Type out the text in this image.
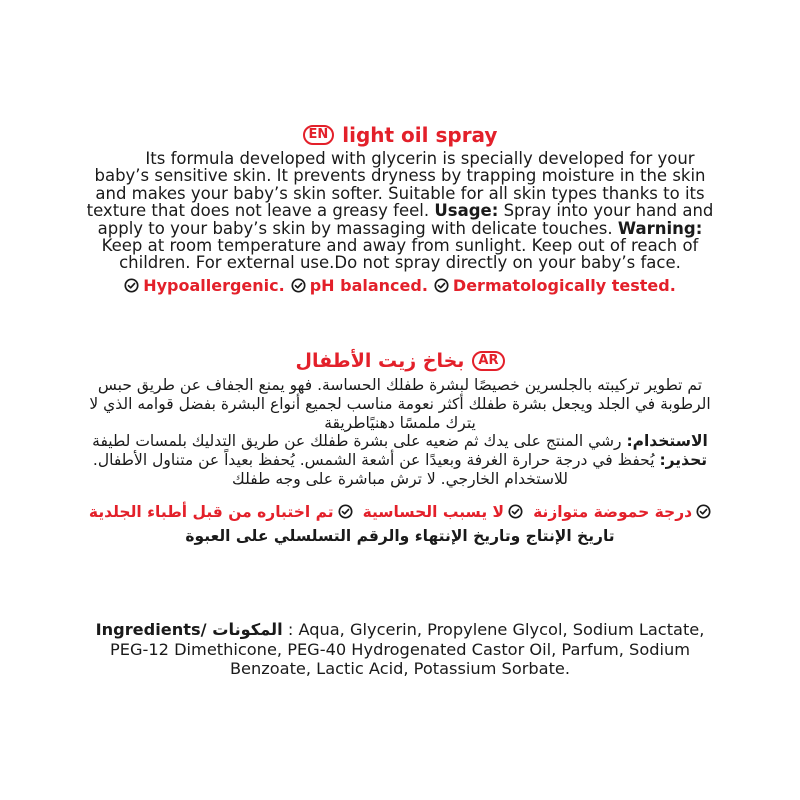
EN light oil spray
Its formula developed with glycerin is specially developed for your baby’s sensitive skin. It prevents dryness by trapping moisture in the skin and makes your baby’s skin softer. Suitable for all skin types thanks to its texture that does not leave a greasy feel. Usage: Spray into your hand and apply to your baby’s skin by massaging with delicate touches. Warning: Keep at room temperature and away from sunlight. Keep out of reach of children. For external use.Do not spray directly on your baby’s face.
Hypoallergenic. pH balanced. Dermatologically tested.
AR
بخاخ زيت الأطفال

تم تطوير تركيبته بالجلسرين خصيصًا لبشرة طفلك الحساسة. فهو يمنع الجفاف عن طريق حبس الرطوبة في الجلد ويجعل بشرة طفلك أكثر نعومة مناسب لجميع أنواع البشرة بفضل قوامه الذي لا يترك ملمسًا دهنيًاطريقة

الاستخدام: رشي المنتج على يدك ثم ضعيه على بشرة طفلك عن طريق التدليك بلمسات لطيفة

تحذير: يُحفظ في درجة حرارة الغرفة وبعيدًا عن أشعة الشمس. يُحفظ بعيداً عن متناول الأطفال. للاستخدام الخارجي. لا ترش مباشرة على وجه طفلك

درجة حموضة متوازنة
لا يسبب الحساسية
تم اختباره من قبل أطباء الجلدية
تاريخ الإنتاج وتاريخ الإنتهاء والرقم التسلسلي على العبوة
Ingredients/ المكونات : Aqua, Glycerin, Propylene Glycol, Sodium Lactate, PEG-12 Dimethicone, PEG-40 Hydrogenated Castor Oil, Parfum, Sodium Benzoate, Lactic Acid, Potassium Sorbate.
